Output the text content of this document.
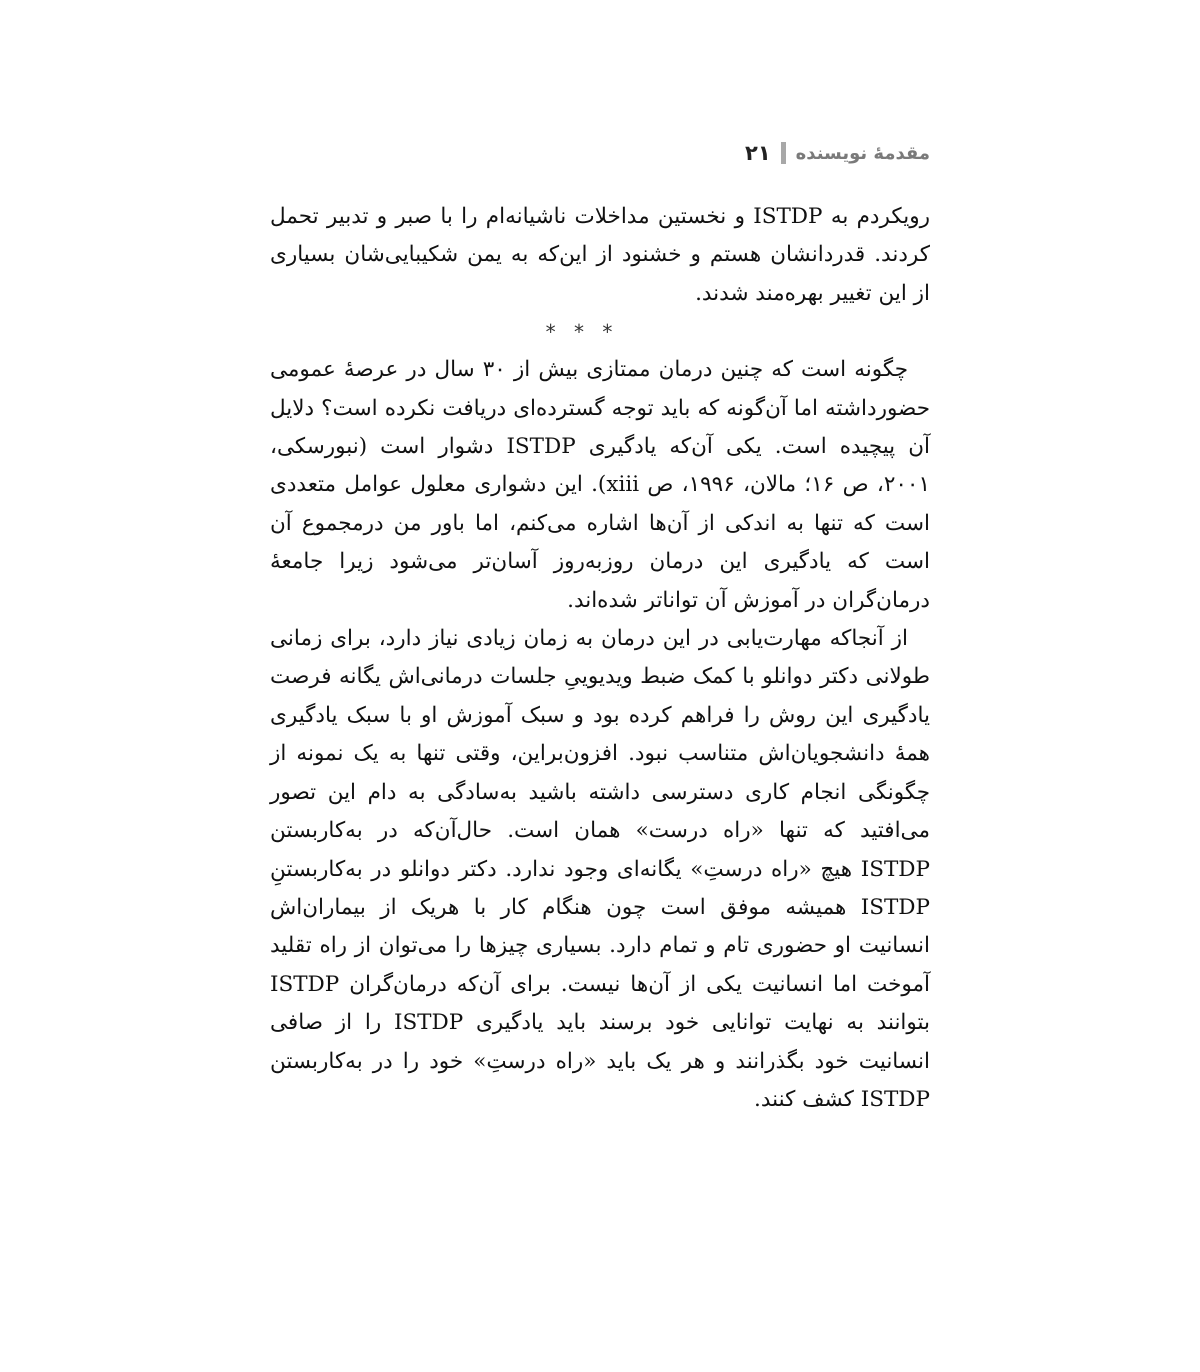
مقدمهٔ نویسنده
۲۱

رویکردم به ISTDP و نخستین مداخلات ناشیانه‌ام را با صبر و تدبیر تحمل کردند. قدردانشان هستم و خشنود از این‌که به یمن شکیبایی‌شان بسیاری از این تغییر بهره‌مند شدند.

* * *

چگونه است که چنین درمان ممتازی بیش از ۳۰ سال در عرصهٔ عمومی حضورداشته اما آن‌گونه که باید توجه گسترده‌ای دریافت نکرده است؟ دلایل آن پیچیده است. یکی آن‌که یادگیری ISTDP دشوار است (نبورسکی، ۲۰۰۱، ص ۱۶؛ مالان، ۱۹۹۶، ص xiii). این دشواری معلول عوامل متعددی است که تنها به اندکی از آن‌ها اشاره می‌کنم، اما باور من درمجموع آن است که یادگیری این درمان روزبه‌روز آسان‌تر می‌شود زیرا جامعهٔ درمان‌گران در آموزش آن تواناتر شده‌اند.

از آنجاکه مهارت‌یابی در این درمان به زمان زیادی نیاز دارد، برای زمانی طولانی دکتر دوانلو با کمک ضبط ویدیوییِ جلسات درمانی‌اش یگانه فرصت یادگیری این روش را فراهم کرده بود و سبک آموزش او با سبک یادگیری همهٔ دانشجویان‌اش متناسب نبود. افزون‌براین، وقتی تنها به یک نمونه از چگونگی انجام کاری دسترسی داشته باشید به‌سادگی به دام این تصور می‌افتید که تنها «راه درست» همان است. حال‌آن‌که در به‌کاربستن ISTDP هیچ «راه درستِ» یگانه‌ای وجود ندارد. دکتر دوانلو در به‌کاربستنِ ISTDP همیشه موفق است چون هنگام کار با هریک از بیماران‌اش انسانیت او حضوری تام و تمام دارد. بسیاری چیزها را می‌توان از راه تقلید آموخت اما انسانیت یکی از آن‌ها نیست. برای آن‌که درمان‌گران ISTDP بتوانند به نهایت توانایی خود برسند باید یادگیری ISTDP را از صافی انسانیت خود بگذرانند و هر یک باید «راه درستِ» خود را در به‌کاربستن ISTDP کشف کنند.
